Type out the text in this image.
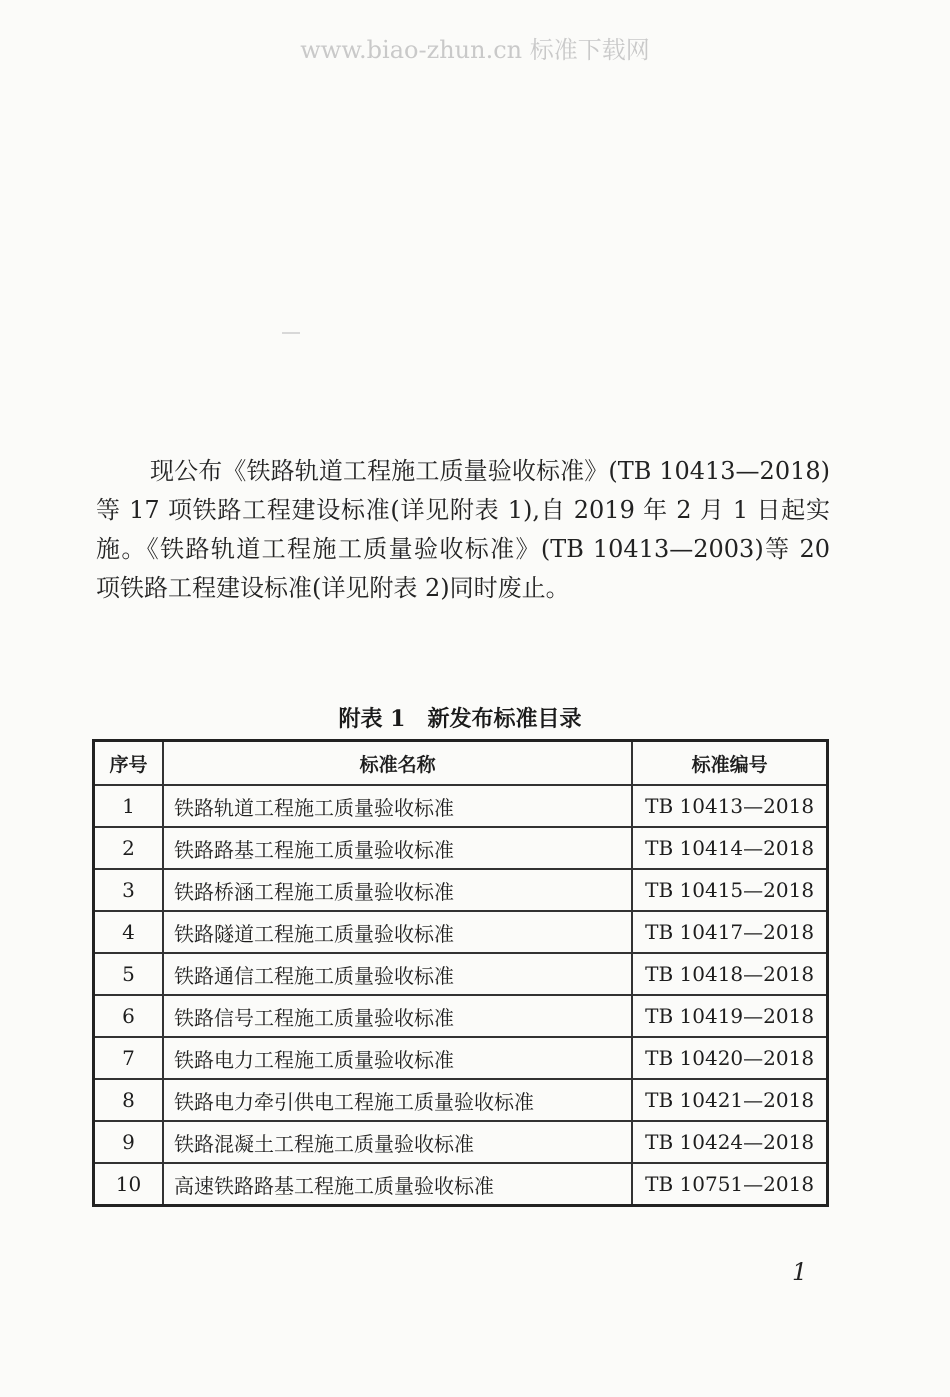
www.biao-zhun.cn 标准下载网

现公布《铁路轨道工程施工质量验收标准》(TB 10413—2018)等 17 项铁路工程建设标准(详见附表 1),自 2019 年 2 月 1 日起实施。《铁路轨道工程施工质量验收标准》(TB 10413—2003)等 20 项铁路工程建设标准(详见附表 2)同时废止。

附表 1　新发布标准目录
序号	标准名称	标准编号
1	铁路轨道工程施工质量验收标准	TB 10413—2018
2	铁路路基工程施工质量验收标准	TB 10414—2018
3	铁路桥涵工程施工质量验收标准	TB 10415—2018
4	铁路隧道工程施工质量验收标准	TB 10417—2018
5	铁路通信工程施工质量验收标准	TB 10418—2018
6	铁路信号工程施工质量验收标准	TB 10419—2018
7	铁路电力工程施工质量验收标准	TB 10420—2018
8	铁路电力牵引供电工程施工质量验收标准	TB 10421—2018
9	铁路混凝土工程施工质量验收标准	TB 10424—2018
10	高速铁路路基工程施工质量验收标准	TB 10751—2018
1
